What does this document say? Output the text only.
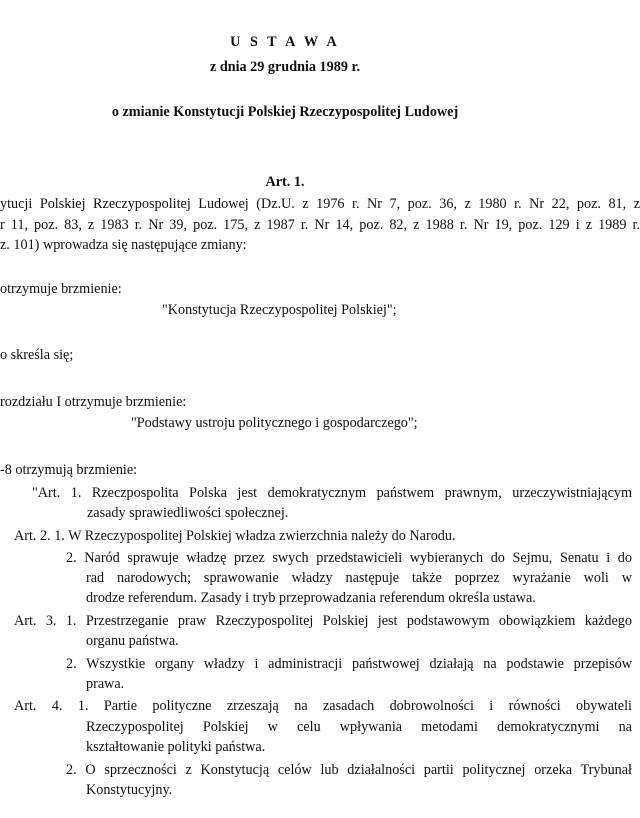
U S T A W A
z dnia 29 grudnia 1989 r.
o zmianie Konstytucji Polskiej Rzeczypospolitej Ludowej
Art. 1.
ytucji Polskiej Rzeczypospolitej Ludowej (Dz.U. z 1976 r. Nr 7, poz. 36, z 1980 r. Nr 22, poz. 81, z
r 11, poz. 83, z 1983 r. Nr 39, poz. 175, z 1987 r. Nr 14, poz. 82, z 1988 r. Nr 19, poz. 129 i z 1989 r.
z. 101) wprowadza się następujące zmiany:
otrzymuje brzmienie:
"Konstytucja Rzeczypospolitej Polskiej";
o skreśla się;
rozdziału I otrzymuje brzmienie:
"Podstawy ustroju politycznego i gospodarczego";
-8 otrzymują brzmienie:
"Art. 1. Rzeczpospolita Polska jest demokratycznym państwem prawnym, urzeczywistniającym
zasady sprawiedliwości społecznej.
Art. 2. 1. W Rzeczypospolitej Polskiej władza zwierzchnia należy do Narodu.
2. Naród sprawuje władzę przez swych przedstawicieli wybieranych do Sejmu, Senatu i do
rad narodowych; sprawowanie władzy następuje także poprzez wyrażanie woli w
drodze referendum. Zasady i tryb przeprowadzania referendum określa ustawa.
Art. 3. 1. Przestrzeganie praw Rzeczypospolitej Polskiej jest podstawowym obowiązkiem każdego
organu państwa.
2. Wszystkie organy władzy i administracji państwowej działają na podstawie przepisów
prawa.
Art. 4. 1. Partie polityczne zrzeszają na zasadach dobrowolności i równości obywateli
Rzeczypospolitej Polskiej w celu wpływania metodami demokratycznymi na
kształtowanie polityki państwa.
2. O sprzeczności z Konstytucją celów lub działalności partii politycznej orzeka Trybunał
Konstytucyjny.
